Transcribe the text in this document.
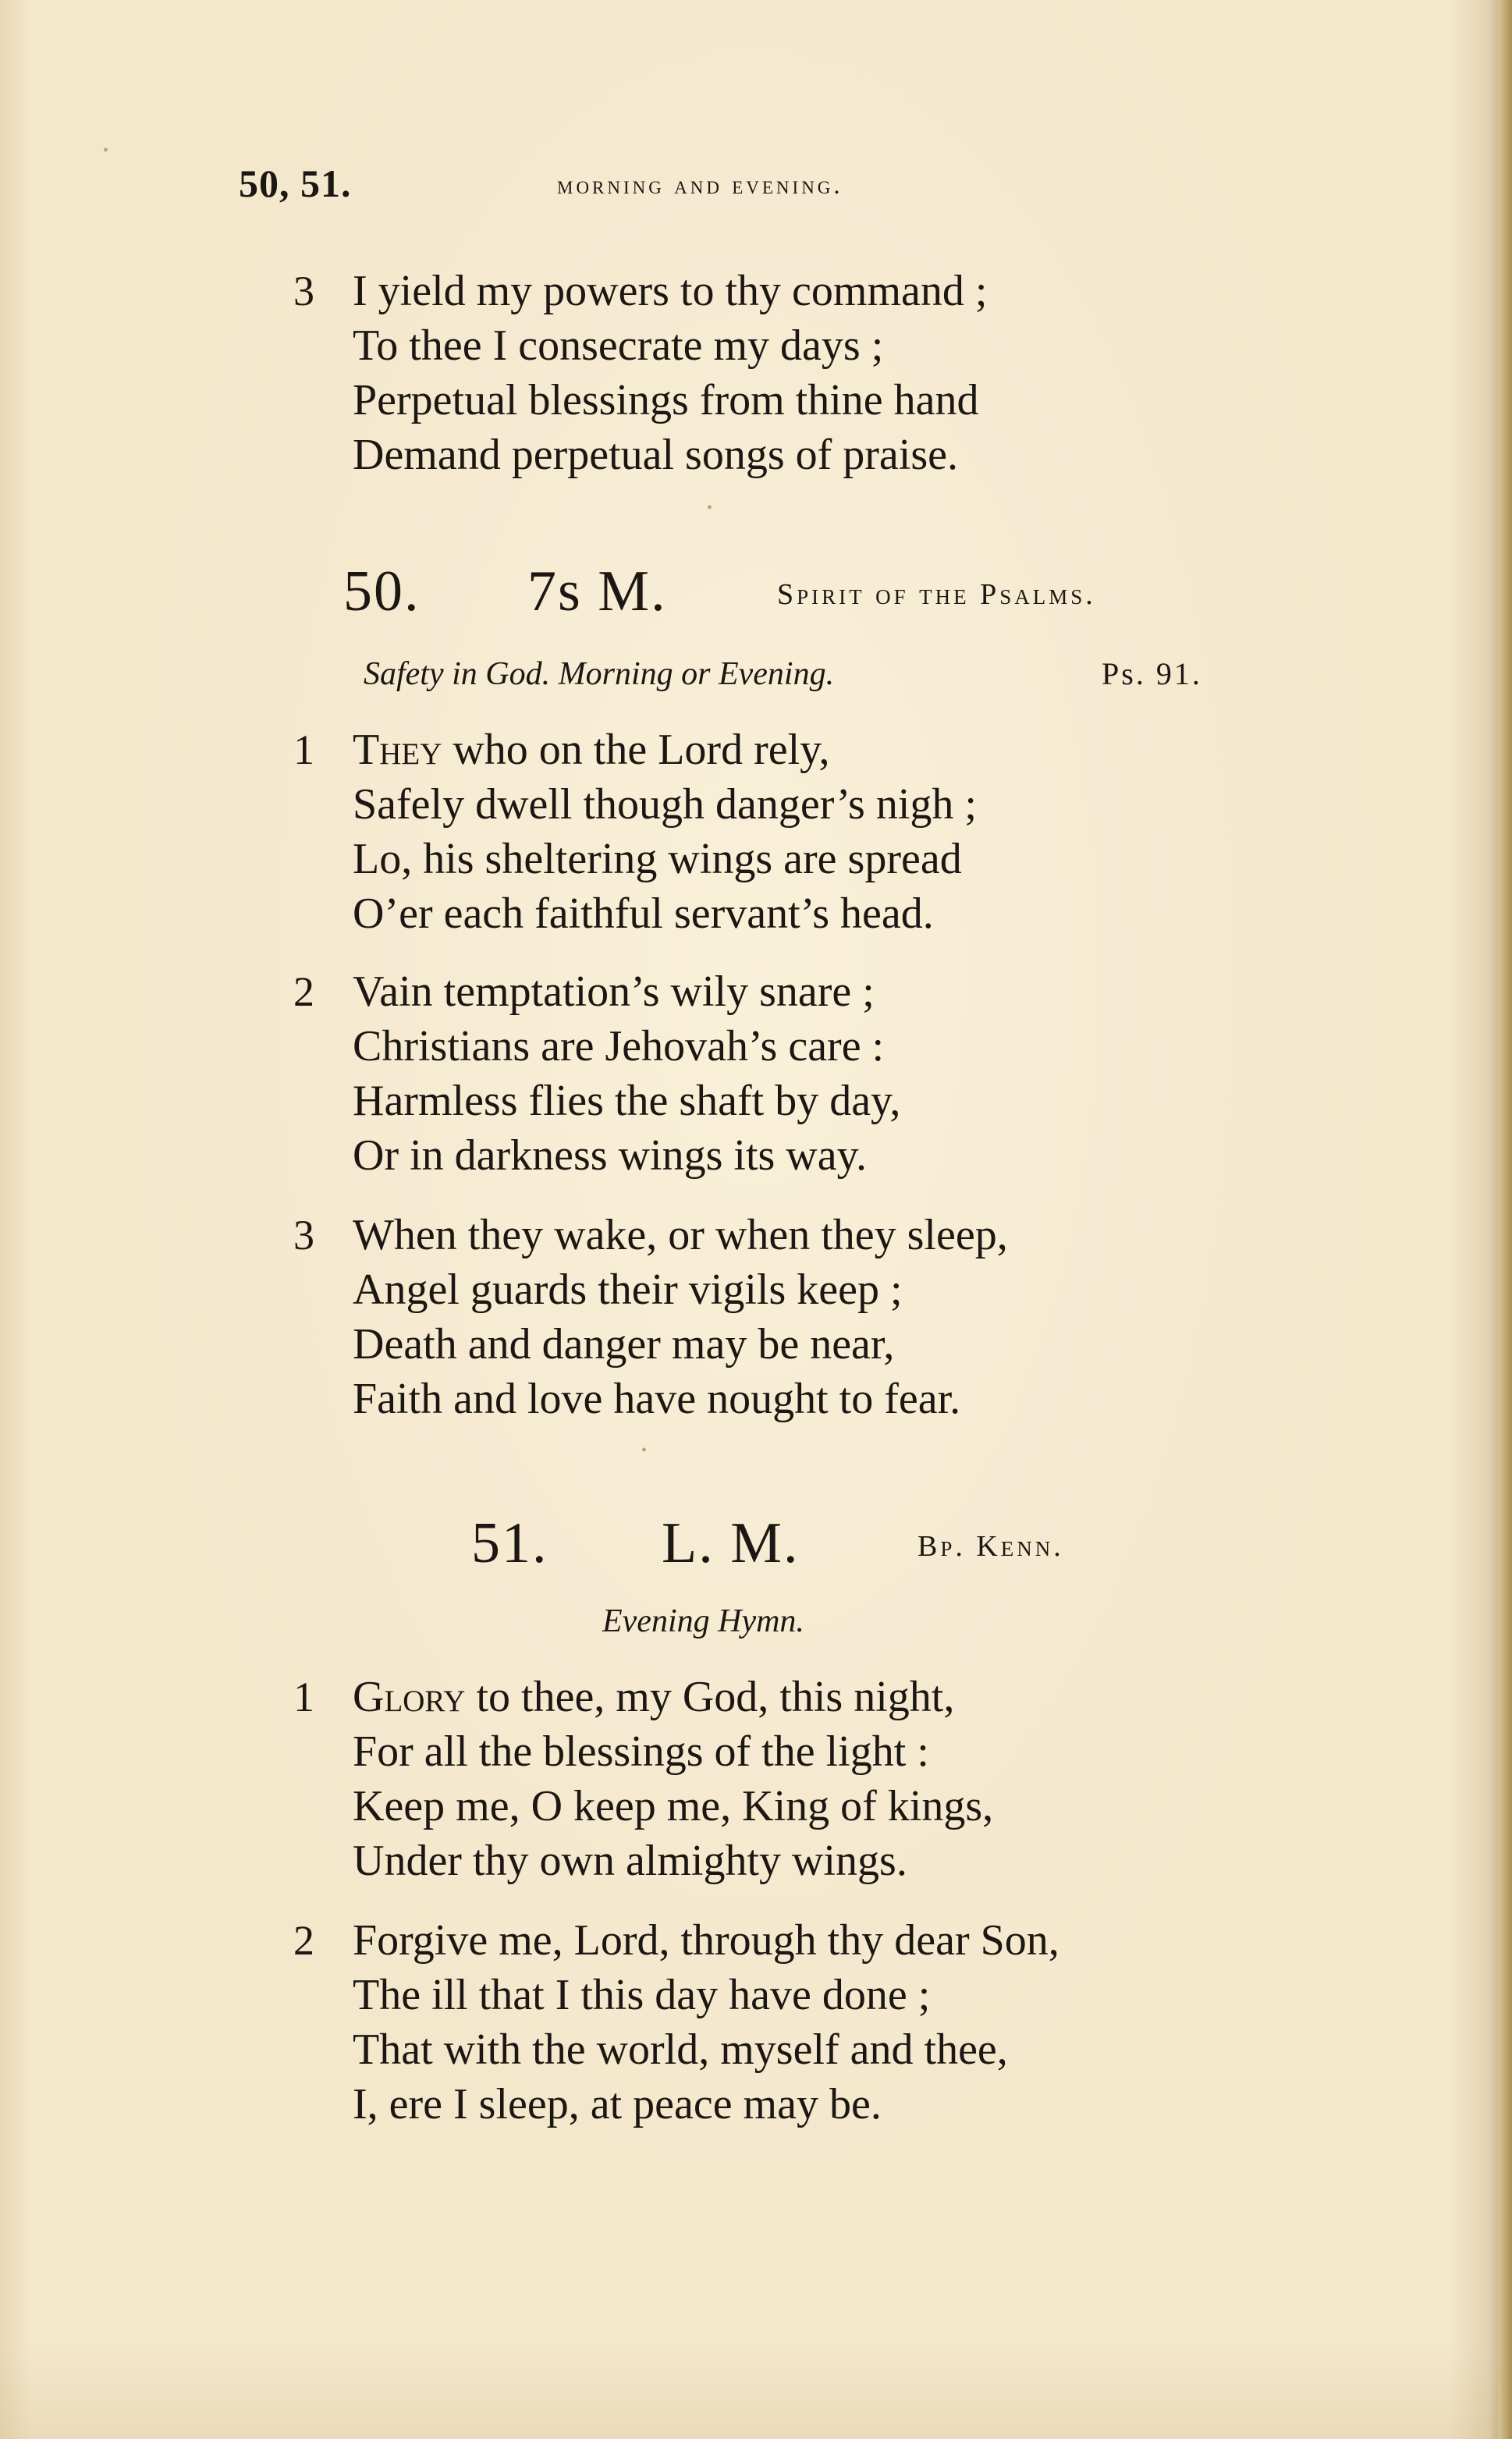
50, 51.	morning and evening.
3 I yield my powers to thy command ;
To thee I consecrate my days ;
Perpetual blessings from thine hand
Demand perpetual songs of praise.
50. 7s M.	Spirit of the Psalms.
Safety in God. Morning or Evening.	Ps. 91.
1 They who on the Lord rely,
Safely dwell though danger’s nigh ;
Lo, his sheltering wings are spread
O’er each faithful servant’s head.
2 Vain temptation’s wily snare ;
Christians are Jehovah’s care :
Harmless flies the shaft by day,
Or in darkness wings its way.
3 When they wake, or when they sleep,
Angel guards their vigils keep ;
Death and danger may be near,
Faith and love have nought to fear.
51. L. M.	Bp. Kenn.
Evening Hymn.
1 Glory to thee, my God, this night,
For all the blessings of the light :
Keep me, O keep me, King of kings,
Under thy own almighty wings.
2 Forgive me, Lord, through thy dear Son,
The ill that I this day have done ;
That with the world, myself and thee,
I, ere I sleep, at peace may be.
•
•
•
